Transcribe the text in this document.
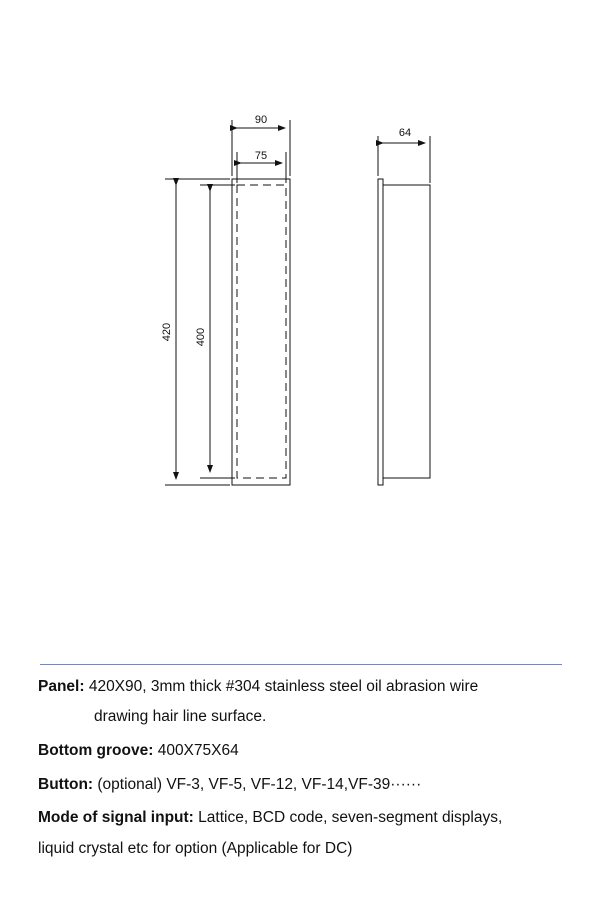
90
75
420 400
64

Panel: 420X90, 3mm thick #304 stainless steel oil abrasion wire
drawing hair line surface.

Bottom groove: 400X75X64

Button: (optional) VF-3, VF-5, VF-12, VF-14,VF-39······

Mode of signal input: Lattice, BCD code, seven-segment displays,
liquid crystal etc for option (Applicable for DC)
